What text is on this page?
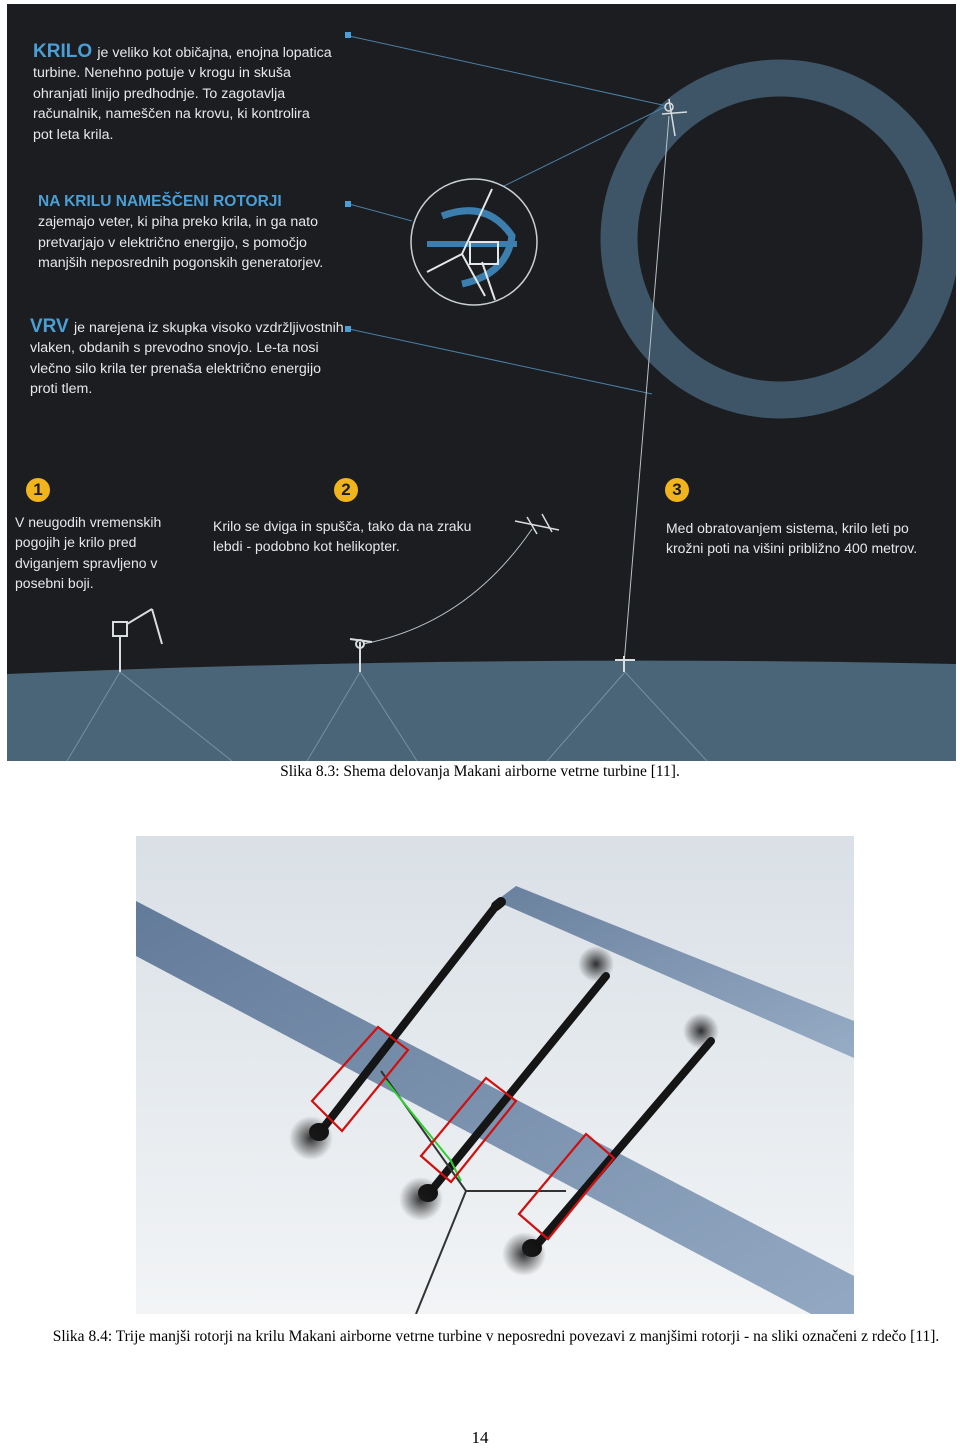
KRILO je veliko kot običajna, enojna lopatica turbine. Nenehno potuje v krogu in skuša ohranjati linijo predhodnje. To zagotavlja računalnik, nameščen na krovu, ki kontrolira pot leta krila.
NA KRILU NAMEŠČENI ROTORJI
zajemajo veter, ki piha preko krila, in ga nato pretvarjajo v električno energijo, s pomočjo manjših neposrednih pogonskih generatorjev.
VRV je narejena iz skupka visoko vzdržljivostnih vlaken, obdanih s prevodno snovjo. Le-ta nosi vlečno silo krila ter prenaša električno energijo proti tlem.
1	2	3
V neugodih vremenskih pogojih je krilo pred dviganjem spravljeno v posebni boji.
Krilo se dviga in spušča, tako da na zraku lebdi - podobno kot helikopter.
Med obratovanjem sistema, krilo leti po krožni poti na višini približno 400 metrov.
Slika 8.3: Shema delovanja Makani airborne vetrne turbine [11].
Slika 8.4: Trije manjši rotorji na krilu Makani airborne vetrne turbine v neposredni povezavi z manjšimi rotorji - na sliki označeni z rdečo [11].
14
